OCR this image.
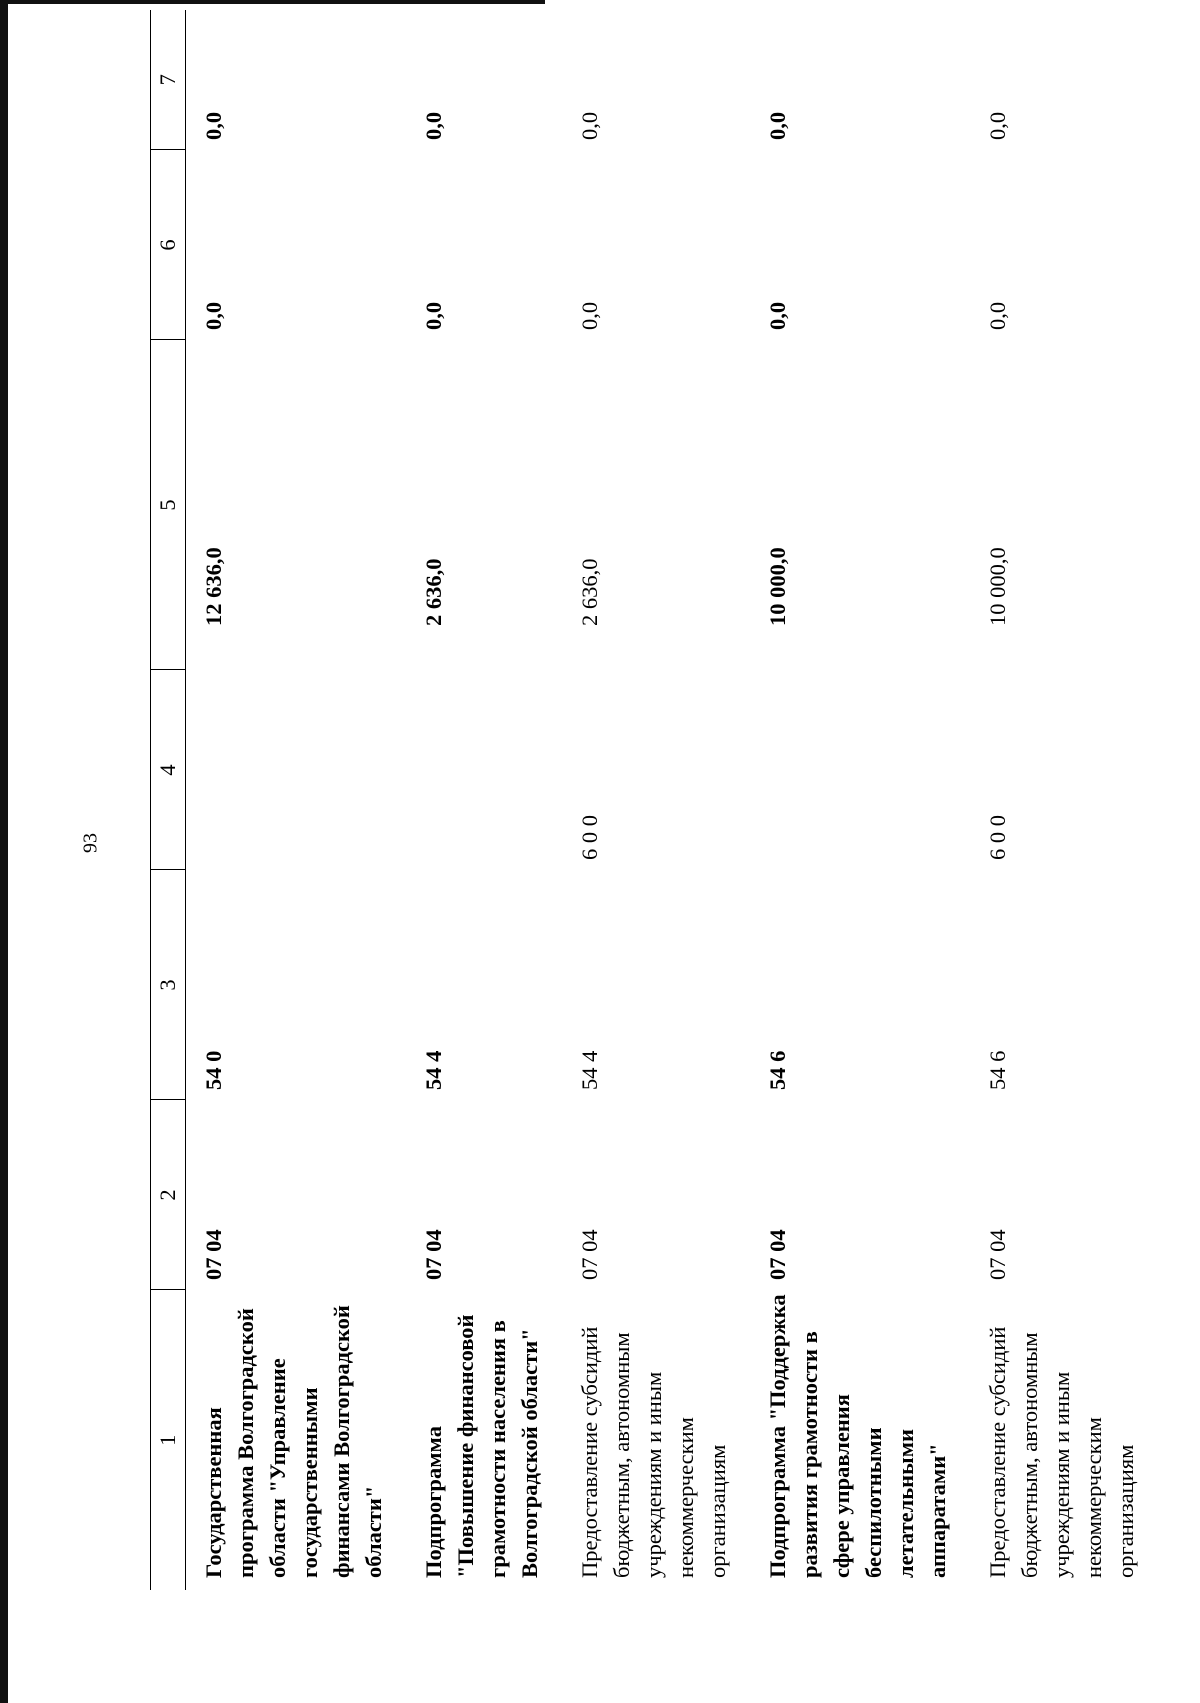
93
1	2	3	4	5	6	7
Государственная программа Волгоградской области "Управление государственными финансами Волгоградской области"	07 04	54 0		12 636,0	0,0	0,0
Подпрограмма "Повышение финансовой грамотности населения в Волгоградской области"	07 04	54 4		2 636,0	0,0	0,0
Предоставление субсидий бюджетным, автономным учреждениям и иным некоммерческим организациям	07 04	54 4	6 0 0	2 636,0	0,0	0,0
Подпрограмма "Поддержка развития грамотности в сфере управления беспилотными летательными аппаратами"	07 04	54 6		10 000,0	0,0	0,0
Предоставление субсидий бюджетным, автономным учреждениям и иным некоммерческим организациям	07 04	54 6	6 0 0	10 000,0	0,0	0,0
